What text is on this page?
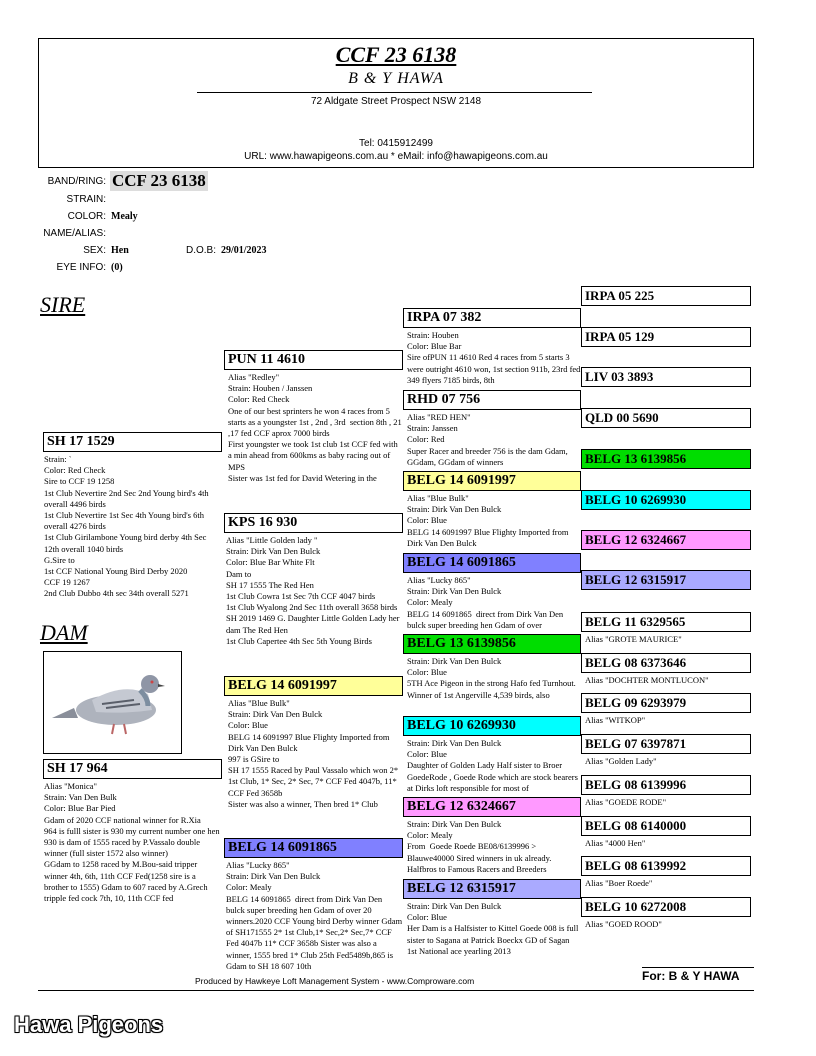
CCF 23 6138
B & Y HAWA
72 Aldgate Street Prospect NSW 2148
Tel: 0415912499
URL: www.hawapigeons.com.au * eMail: info@hawapigeons.com.au
BAND/RING: CCF 23 6138
STRAIN:
COLOR: Mealy
NAME/ALIAS:
SEX: Hen	D.O.B: 29/01/2023
EYE INFO: (0)
SIRE
DAM
SH 17 1529
Strain: `
Color: Red Check
Sire to CCF 19 1258
1st Club Nevertire 2nd Sec 2nd Young bird's 4th overall 4496 birds
1st Club Nevertire 1st Sec 4th Young bird's 6th overall 4276 birds
1st Club Girilambone Young bird derby 4th Sec 12th overall 1040 birds
G.Sire to
1st CCF National Young Bird Derby 2020
CCF 19 1267
2nd Club Dubbo 4th sec 34th overall 5271
SH 17 964
Alias "Monica"
Strain: Van Den Bulk
Color: Blue Bar Pied
Gdam of 2020 CCF national winner for R.Xia
964 is fulll sister is 930 my current number one hen 930 is dam of 1555 raced by P.Vassalo double winner (full sister 1572 also winner)
GGdam to 1258 raced by M.Bou-said tripper winner 4th, 6th, 11th CCF Fed(1258 sire is a brother to 1555) Gdam to 607 raced by A.Grech tripple fed cock 7th, 10, 11th CCF fed
PUN 11 4610
Alias "Redley"
Strain: Houben / Janssen
Color: Red Check
One of our best sprinters he won 4 races from 5 starts as a youngster 1st , 2nd , 3rd  section 8th , 21 ,17 fed CCF aprox 7000 birds
First youngster we took 1st club 1st CCF fed with a min ahead from 600kms as baby racing out of MPS
Sister was 1st fed for David Wetering in the
KPS 16 930
Alias "Little Golden lady "
Strain: Dirk Van Den Bulck
Color: Blue Bar White Flt
Dam to
SH 17 1555 The Red Hen
1st Club Cowra 1st Sec 7th CCF 4047 birds
1st Club Wyalong 2nd Sec 11th overall 3658 birds
SH 2019 1469 G. Daughter Little Golden Lady her dam The Red Hen
1st Club Capertee 4th Sec 5th Young Birds
BELG 14 6091997
Alias "Blue Bulk"
Strain: Dirk Van Den Bulck
Color: Blue
BELG 14 6091997 Blue Flighty Imported from Dirk Van Den Bulck
997 is GSire to
SH 17 1555 Raced by Paul Vassalo which won 2* 1st Club, 1* Sec, 2* Sec, 7* CCF Fed 4047b, 11* CCF Fed 3658b
Sister was also a winner, Then bred 1* Club
BELG 14 6091865
Alias "Lucky 865"
Strain: Dirk Van Den Bulck
Color: Mealy
BELG 14 6091865  direct from Dirk Van Den bulck super breeding hen Gdam of over 20 winners.2020 CCF Young bird Derby winner Gdam of SH171555 2* 1st Club,1* Sec,2* Sec,7* CCF Fed 4047b 11* CCF 3658b Sister was also a winner, 1555 bred 1* Club 25th Fed5489b,865 is Gdam to SH 18 607 10th
IRPA 07 382
Strain: Houben
Color: Blue Bar
Sire ofPUN 11 4610 Red 4 races from 5 starts 3 were outright 4610 won, 1st section 911b, 23rd fed 349 flyers 7185 birds, 8th
RHD 07 756
Alias "RED HEN"
Strain: Janssen
Color: Red
Super Racer and breeder 756 is the dam Gdam, GGdam, GGdam of winners
BELG 14 6091997
Alias "Blue Bulk"
Strain: Dirk Van Den Bulck
Color: Blue
BELG 14 6091997 Blue Flighty Imported from Dirk Van Den Bulck
BELG 14 6091865
Alias "Lucky 865"
Strain: Dirk Van Den Bulck
Color: Mealy
BELG 14 6091865  direct from Dirk Van Den bulck super breeding hen Gdam of over
BELG 13 6139856
Strain: Dirk Van Den Bulck
Color: Blue
5TH Ace Pigeon in the strong Hafo fed Turnhout.
Winner of 1st Angerville 4,539 birds, also
BELG 10 6269930
Strain: Dirk Van Den Bulck
Color: Blue
Daughter of Golden Lady Half sister to Broer GoedeRode , Goede Rode which are stock bearers at Dirks loft responsible for most of
BELG 12 6324667
Strain: Dirk Van Den Bulck
Color: Mealy
From  Goede Roede BE08/6139996 > Blauwe40000 Sired winners in uk already. Halfbros to Famous Racers and Breeders
BELG 12 6315917
Strain: Dirk Van Den Bulck
Color: Blue
Her Dam is a Halfsister to Kittel Goede 008 is full sister to Sagana at Patrick Boeckx GD of Sagan 1st National ace yearling 2013
IRPA 05 225
IRPA 05 129
LIV 03 3893
QLD 00 5690
BELG 13 6139856
BELG 10 6269930
BELG 12 6324667
BELG 12 6315917
BELG 11 6329565
Alias "GROTE MAURICE"
BELG 08 6373646
Alias "DOCHTER MONTLUCON"
BELG 09 6293979
Alias "WITKOP"
BELG 07 6397871
Alias "Golden Lady"
BELG 08 6139996
Alias "GOEDE RODE"
BELG 08 6140000
Alias "4000 Hen"
BELG 08 6139992
Alias "Boer Roede"
BELG 10 6272008
Alias "GOED ROOD"
For: B & Y HAWA
Produced by Hawkeye Loft Management System - www.Comproware.com
Hawa Pigeons
